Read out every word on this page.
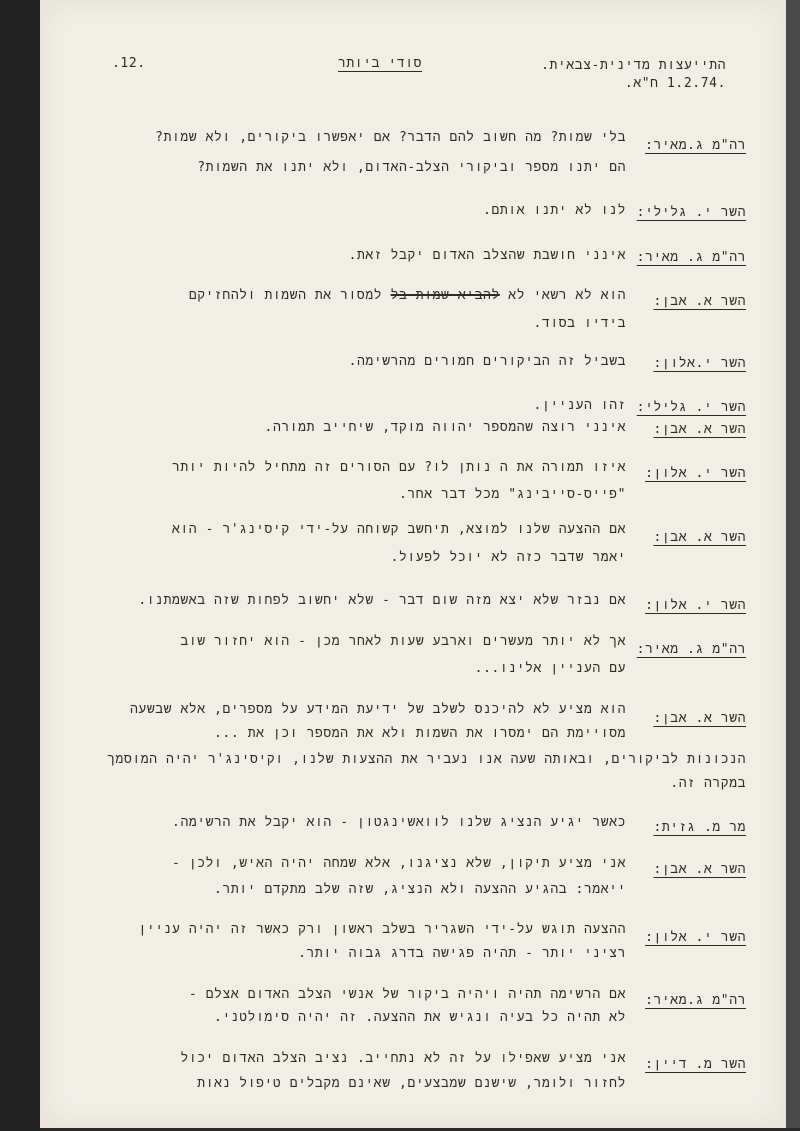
.12.	סודי ביותר	התייעצות מדינית-צבאית.
.1.2.74 ח"א.
רה"מ ג.מאיר:
בלי שמות? מה חשוב להם הדבר? אם יאפשרו ביקורים, ולא שמות?
הם יתנו מספר וביקורי הצלב-האדום, ולא יתנו את השמות?
השר י. גלילי:
לנו לא יתנו אותם.
רה"מ ג. מאיר:
אינני חושבת שהצלב האדום יקבל זאת.
השר א. אבן:
הוא לא רשאי לא להביא שמות בל למסור את השמות ולהחזיקם
בידיו בסוד.
השר י.אלון:
בשביל זה הביקורים חמורים מהרשימה.
השר י. גלילי:
זהו העניין.
השר א. אבן:
אינני רוצה שהמספר יהווה מוקד, שיחייב תמורה.
השר י. אלון:
איזו תמורה את ה נותן לו? עם הסורים זה מתחיל להיות יותר
"פייס-סייבינג" מכל דבר אחר.
השר א. אבן:
אם ההצעה שלנו למוצא, תיחשב קשוחה על-ידי קיסינג'ר - הוא
יאמר שדבר כזה לא יוכל לפעול.
השר י. אלון:
אם נבזר שלא יצא מזה שום דבר - שלא יחשוב לפחות שזה באשמתנו.
רה"מ ג. מאיר:
אך לא יותר מעשרים וארבע שעות לאחר מכן - הוא יחזור שוב
עם העניין אלינו...
השר א. אבן:
הוא מציע לא להיכנס לשלב של ידיעת המידע על מספרים, אלא שבשעה
מסויימת הם ימסרו את השמות ולא את המספר וכן את ...
הנכונות לביקורים, ובאותה שעה אנו נעביר את ההצעות שלנו, וקיסינג'ר יהיה המוסמך
במקרה זה.
מר מ. גזית:
כאשר יגיע הנציג שלנו לוואשינגטון - הוא יקבל את הרשימה.
השר א. אבן:
אני מציע תיקון, שלא נציגנו, אלא שמחה יהיה האיש, ולכן -
ייאמר: בהגיע ההצעה ולא הנציג, שזה שלב מתקדם יותר.
השר י. אלון:
ההצעה תוגש על-ידי השגריר בשלב ראשון ורק כאשר זה יהיה עניין
רציני יותר - תהיה פגישה בדרג גבוה יותר.
רה"מ ג.מאיר:
אם הרשימה תהיה ויהיה ביקור של אנשי הצלב האדום אצלם -
לא תהיה כל בעיה ונגיש את ההצעה. זה יהיה סימולטני.
השר מ. דיין:
אני מציע שאפילו על זה לא נתחייב. נציב הצלב האדום יכול
לחזור ולומר, שישנם שמבצעים, שאינם מקבלים טיפול נאות
